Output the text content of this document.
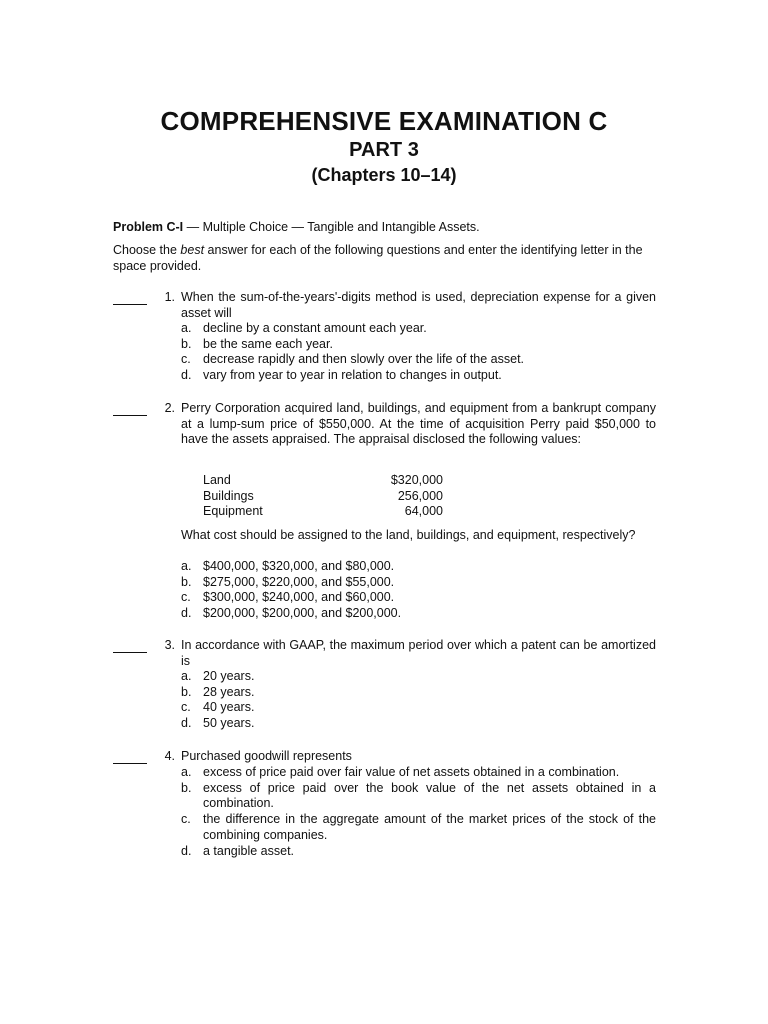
COMPREHENSIVE EXAMINATION C
PART 3
(Chapters 10–14)
Problem C-I — Multiple Choice — Tangible and Intangible Assets.
Choose the best answer for each of the following questions and enter the identifying letter in the space provided.
1. When the sum-of-the-years'-digits method is used, depreciation expense for a given asset will
a. decline by a constant amount each year.
b. be the same each year.
c. decrease rapidly and then slowly over the life of the asset.
d. vary from year to year in relation to changes in output.
2. Perry Corporation acquired land, buildings, and equipment from a bankrupt company at a lump-sum price of $550,000. At the time of acquisition Perry paid $50,000 to have the assets appraised. The appraisal disclosed the following values:
Land	$320,000
Buildings	256,000
Equipment	64,000
What cost should be assigned to the land, buildings, and equipment, respectively?
a. $400,000, $320,000, and $80,000.
b. $275,000, $220,000, and $55,000.
c. $300,000, $240,000, and $60,000.
d. $200,000, $200,000, and $200,000.
3. In accordance with GAAP, the maximum period over which a patent can be amortized is
a. 20 years.
b. 28 years.
c. 40 years.
d. 50 years.
4. Purchased goodwill represents
a. excess of price paid over fair value of net assets obtained in a combination.
b. excess of price paid over the book value of the net assets obtained in a combination.
c. the difference in the aggregate amount of the market prices of the stock of the combining companies.
d. a tangible asset.
